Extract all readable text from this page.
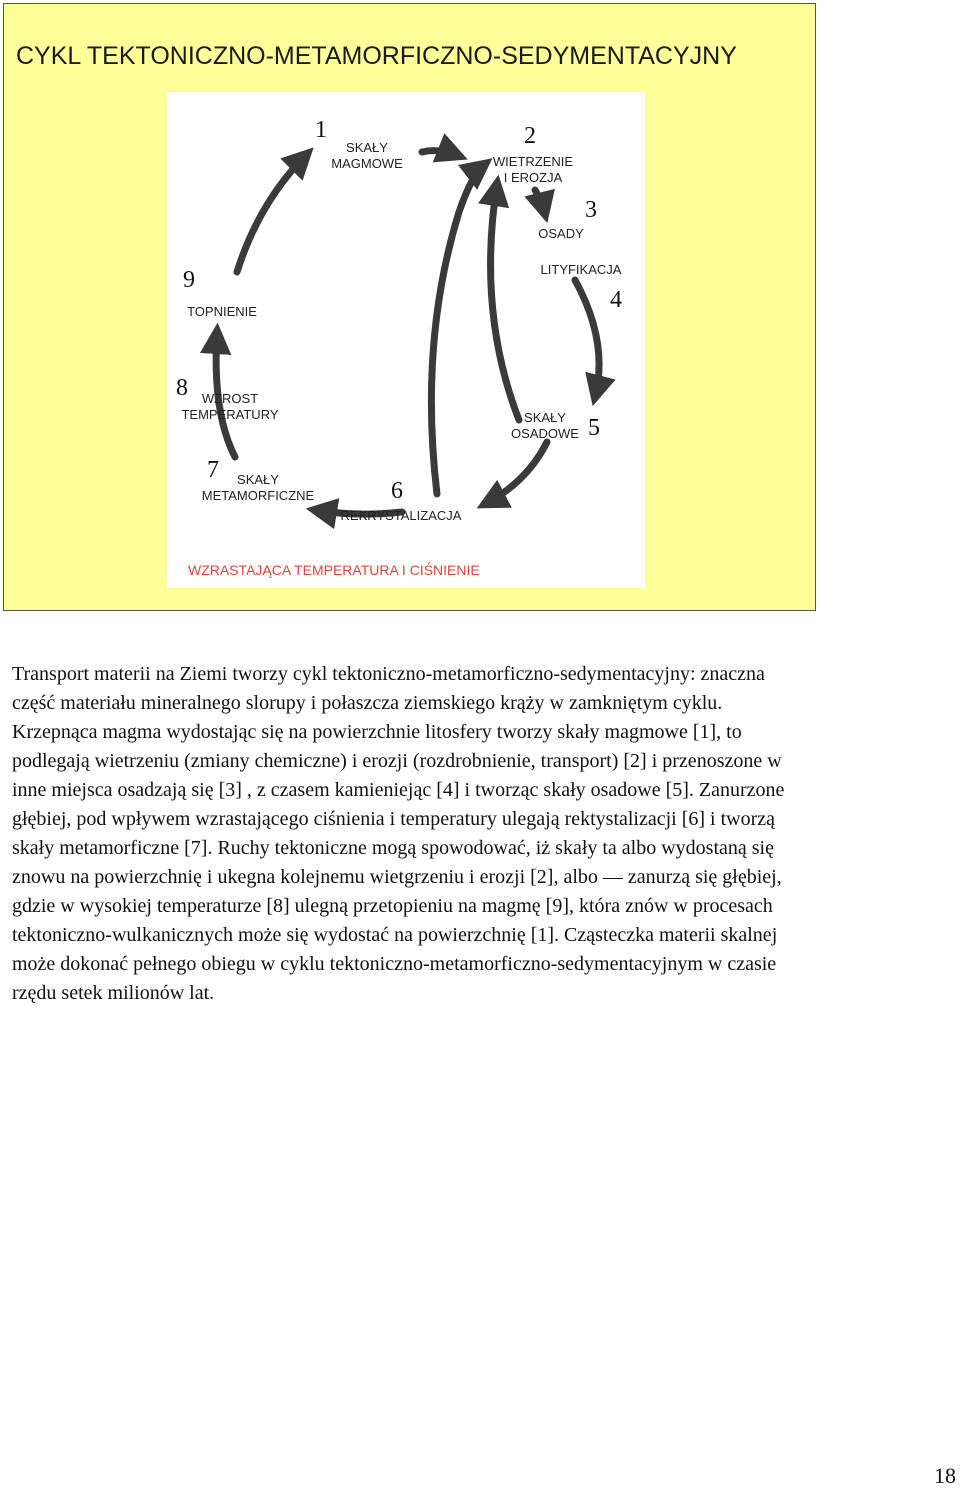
CYKL TEKTONICZNO-METAMORFICZNO-SEDYMENTACYJNY
1
SKAŁY
MAGMOWE
2
WIETRZENIE
I EROZJA
3
OSADY
LITYFIKACJA
4
SKAŁY
OSADOWE 5
6
REKRYSTALIZACJA
7	SKAŁY
METAMORFICZNE
8	WZROST
TEMPERATURY
9
TOPNIENIE
WZRASTAJĄCA TEMPERATURA I CIŚNIENIE

Transport materii na Ziemi tworzy cykl tektoniczno-metamorficzno-sedymentacyjny: znaczna część materiału mineralnego slorupy i połaszcza ziemskiego krąży w zamkniętym cyklu. Krzepnąca magma wydostając się na powierzchnie litosfery tworzy skały magmowe [1], to podlegają wietrzeniu (zmiany chemiczne) i erozji (rozdrobnienie, transport) [2] i przenoszone w inne miejsca osadzają się [3] , z czasem kamieniejąc [4] i tworząc skały osadowe [5]. Zanurzone głębiej, pod wpływem wzrastającego ciśnienia i temperatury ulegają rektystalizacji [6] i tworzą skały metamorficzne [7]. Ruchy tektoniczne mogą spowodować, iż skały ta albo wydostaną się znowu na powierzchnię i ukegna kolejnemu wietgrzeniu i erozji [2], albo — zanurzą się głębiej, gdzie w wysokiej temperaturze [8] ulegną przetopieniu na magmę [9], która znów w procesach tektoniczno-wulkanicznych może się wydostać na powierzchnię [1]. Cząsteczka materii skalnej może dokonać pełnego obiegu w cyklu tektoniczno-metamorficzno-sedymentacyjnym w czasie rzędu setek milionów lat.

18
